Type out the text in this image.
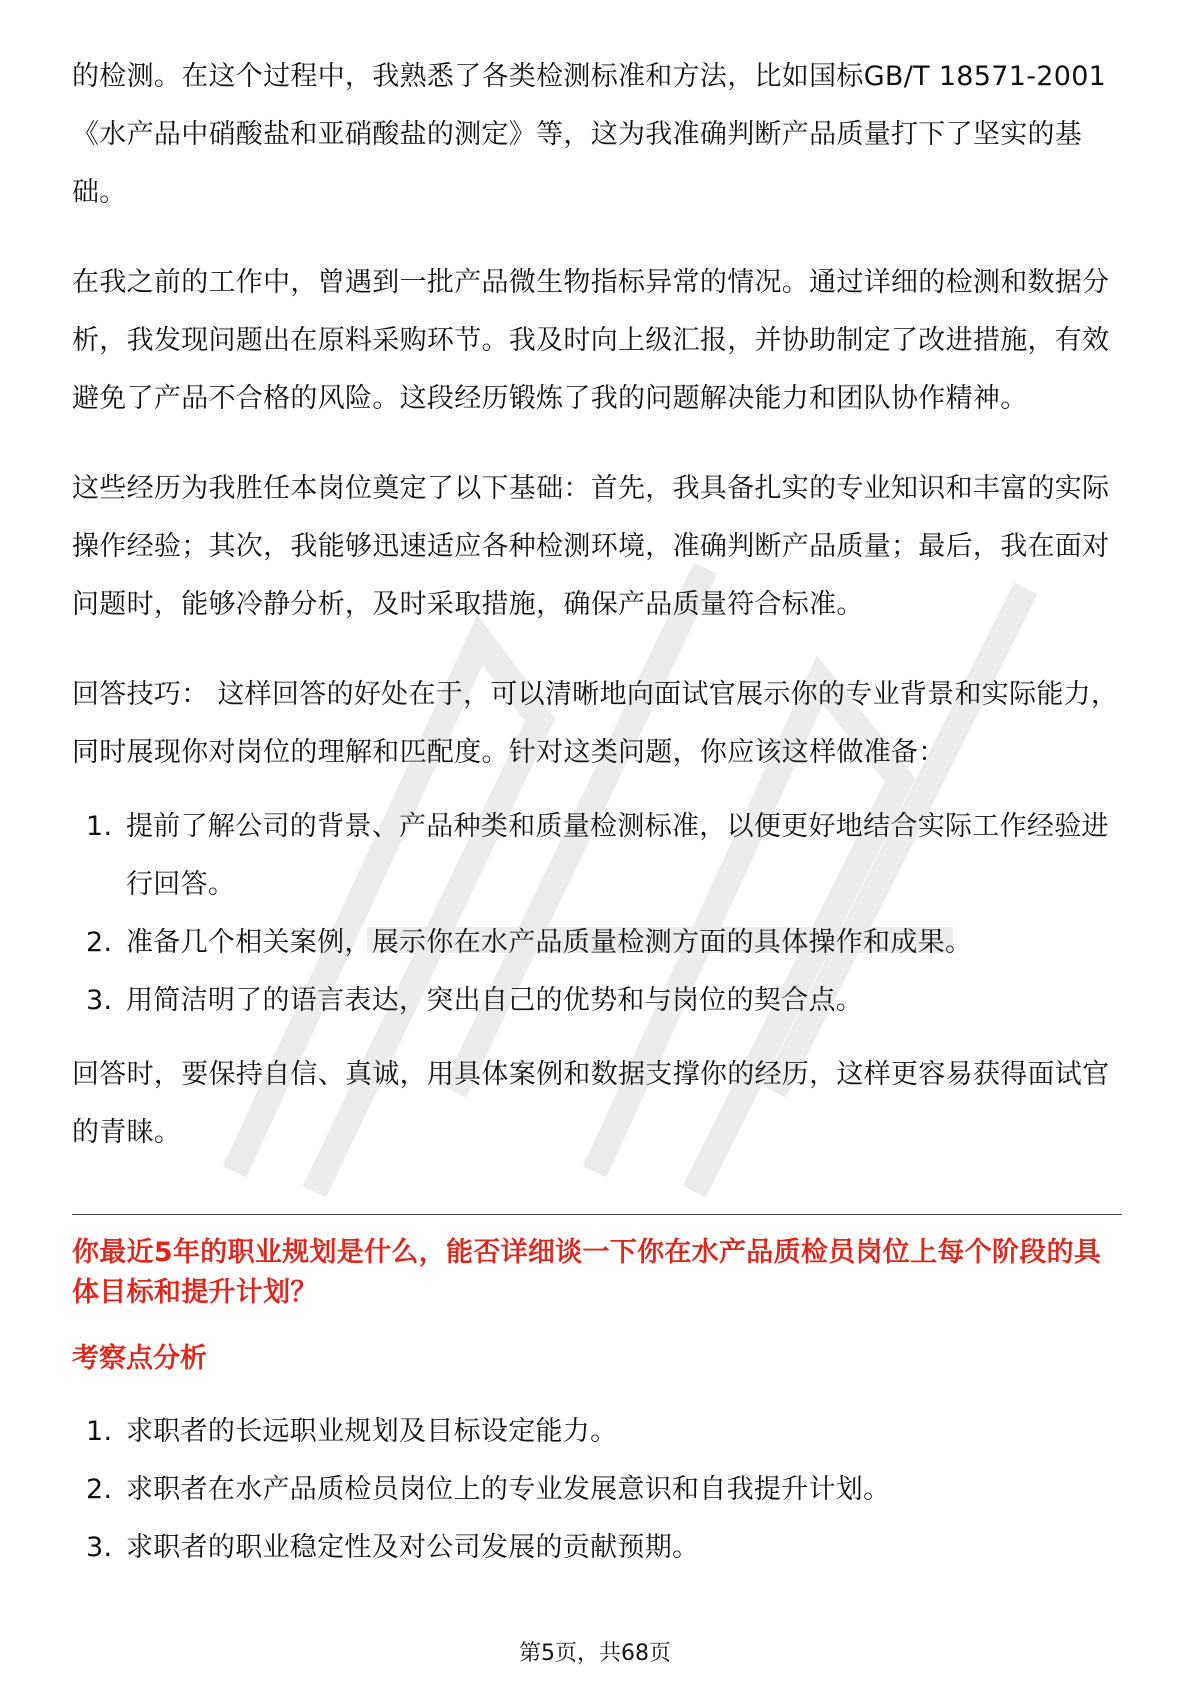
的检测。在这个过程中，我熟悉了各类检测标准和方法，比如国标GB/T 18571-2001《水产品中硝酸盐和亚硝酸盐的测定》等，这为我准确判断产品质量打下了坚实的基础。

在我之前的工作中，曾遇到一批产品微生物指标异常的情况。通过详细的检测和数据分析，我发现问题出在原料采购环节。我及时向上级汇报，并协助制定了改进措施，有效避免了产品不合格的风险。这段经历锻炼了我的问题解决能力和团队协作精神。

这些经历为我胜任本岗位奠定了以下基础：首先，我具备扎实的专业知识和丰富的实际操作经验；其次，我能够迅速适应各种检测环境，准确判断产品质量；最后，我在面对问题时，能够冷静分析，及时采取措施，确保产品质量符合标准。

回答技巧： 这样回答的好处在于，可以清晰地向面试官展示你的专业背景和实际能力，同时展现你对岗位的理解和匹配度。针对这类问题，你应该这样做准备：

1. 提前了解公司的背景、产品种类和质量检测标准，以便更好地结合实际工作经验进行回答。
2. 准备几个相关案例，展示你在水产品质量检测方面的具体操作和成果。
3. 用简洁明了的语言表达，突出自己的优势和与岗位的契合点。

回答时，要保持自信、真诚，用具体案例和数据支撑你的经历，这样更容易获得面试官的青睐。

你最近5年的职业规划是什么，能否详细谈一下你在水产品质检员岗位上每个阶段的具体目标和提升计划？

考察点分析

1. 求职者的长远职业规划及目标设定能力。
2. 求职者在水产品质检员岗位上的专业发展意识和自我提升计划。
3. 求职者的职业稳定性及对公司发展的贡献预期。
第5页，共68页
